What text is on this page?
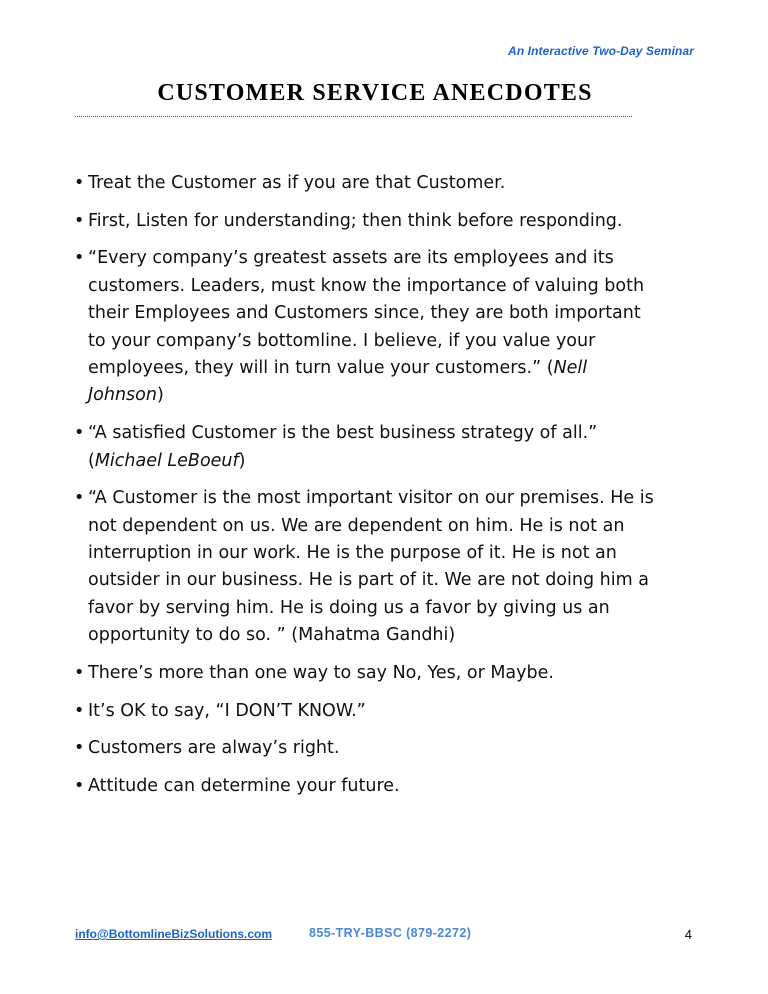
An Interactive Two-Day Seminar
CUSTOMER SERVICE ANECDOTES
• Treat the Customer as if you are that Customer.
• First, Listen for understanding; then think before responding.
• “Every company’s greatest assets are its employees and its customers. Leaders, must know the importance of valuing both their Employees and Customers since, they are both important to your company’s bottomline. I believe, if you value your employees, they will in turn value your customers.” (Nell Johnson)
• “A satisfied Customer is the best business strategy of all.” (Michael LeBoeuf)
• “A Customer is the most important visitor on our premises. He is not dependent on us. We are dependent on him. He is not an interruption in our work. He is the purpose of it. He is not an outsider in our business. He is part of it. We are not doing him a favor by serving him. He is doing us a favor by giving us an opportunity to do so. ” (Mahatma Gandhi)
• There’s more than one way to say No, Yes, or Maybe.
• It’s OK to say, “I DON’T KNOW.”
• Customers are alway’s right.
• Attitude can determine your future.
info@BottomlineBizSolutions.com	855-TRY-BBSC (879-2272)	4
